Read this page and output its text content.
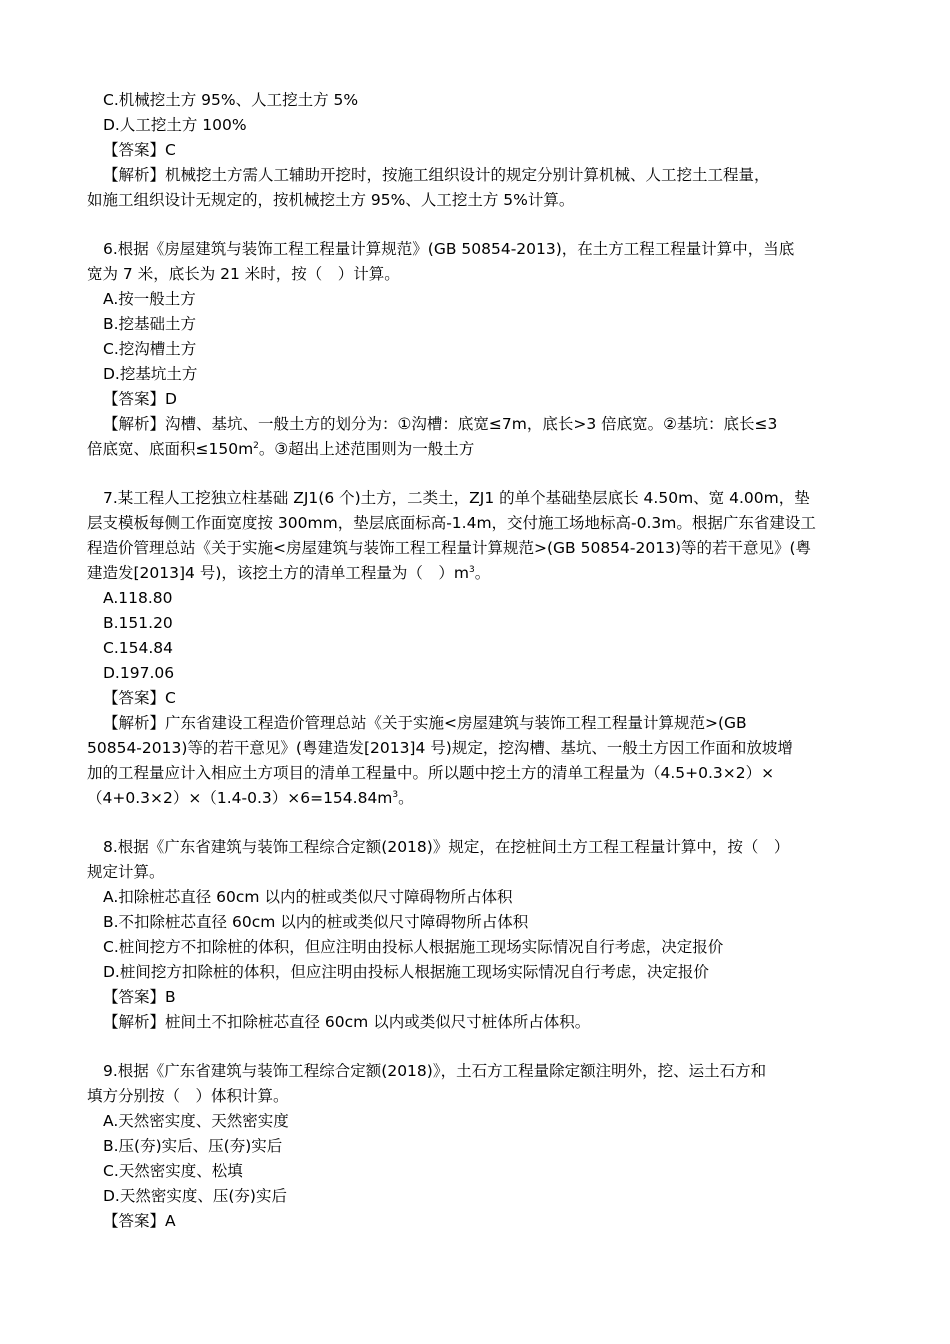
C.机械挖土方 95%、人工挖土方 5%

D.人工挖土方 100%

【答案】C

【解析】机械挖土方需人工辅助开挖时，按施工组织设计的规定分别计算机械、人工挖土工程量，

如施工组织设计无规定的，按机械挖土方 95%、人工挖土方 5%计算。

6.根据《房屋建筑与装饰工程工程量计算规范》(GB 50854-2013)，在土方工程工程量计算中，当底

宽为 7 米，底长为 21 米时，按（　）计算。

A.按一般土方

B.挖基础土方

C.挖沟槽土方

D.挖基坑土方

【答案】D

【解析】沟槽、基坑、一般土方的划分为：①沟槽：底宽≤7m，底长>3 倍底宽。②基坑：底长≤3

倍底宽、底面积$\le 150m^2$。③超出上述范围则为一般土方

7.某工程人工挖独立柱基础 ZJ1(6 个)土方，二类土，ZJ1 的单个基础垫层底长 4.50m、宽 4.00m，垫

层支模板每侧工作面宽度按 300mm，垫层底面标高-1.4m，交付施工场地标高-0.3m。根据广东省建设工

程造价管理总站《关于实施<房屋建筑与装饰工程工程量计算规范>(GB 50854-2013)等的若干意见》(粤

建造发[2013]4 号)，该挖土方的清单工程量为（　）$m^3$。

A.118.80

B.151.20

C.154.84

D.197.06

【答案】C

【解析】广东省建设工程造价管理总站《关于实施<房屋建筑与装饰工程工程量计算规范>(GB

50854-2013)等的若干意见》(粤建造发[2013]4 号)规定，挖沟槽、基坑、一般土方因工作面和放坡增

加的工程量应计入相应土方项目的清单工程量中。所以题中挖土方的清单工程量为（4.5+0.3×2）×

$(4+0.3\times 2)\times(1.4-0.3)\times 6=154.84m^3$。

8.根据《广东省建筑与装饰工程综合定额(2018)》规定，在挖桩间土方工程工程量计算中，按（　）

规定计算。

A.扣除桩芯直径 60cm 以内的桩或类似尺寸障碍物所占体积

B.不扣除桩芯直径 60cm 以内的桩或类似尺寸障碍物所占体积

C.桩间挖方不扣除桩的体积，但应注明由投标人根据施工现场实际情况自行考虑，决定报价

D.桩间挖方扣除桩的体积，但应注明由投标人根据施工现场实际情况自行考虑，决定报价

【答案】B

【解析】桩间土不扣除桩芯直径 60cm 以内或类似尺寸桩体所占体积。

9.根据《广东省建筑与装饰工程综合定额(2018)》，土石方工程量除定额注明外，挖、运土石方和

填方分别按（　）体积计算。

A.天然密实度、天然密实度

B.压(夯)实后、压(夯)实后

C.天然密实度、松填

D.天然密实度、压(夯)实后

【答案】A
